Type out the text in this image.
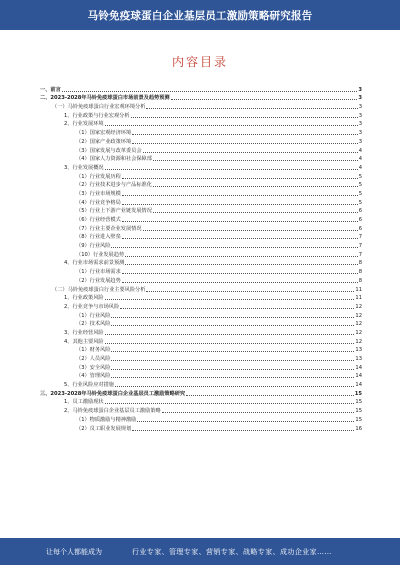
马铃免疫球蛋白企业基层员工激励策略研究报告
内容目录
一、前言	3
二、2023-2028年马铃免疫球蛋白市场前景及趋势预测	3
（一）马铃免疫球蛋白行业宏观环境分析	3
1、行业政策与行业宏观分析	3
2、行业发展环境	3
（1）国家宏观经济环境	3
（2）国家产业政策环境	3
（3）国家发展与改革委员会	4
（4）国家人力资源和社会保障部	4
3、行业发展概况	4
（1）行业发展历程	5
（2）行业技术进步与产品标准化	5
（3）行业市场规模	5
（4）行业竞争格局	5
（5）行业上下游产业链发展情况	6
（6）行业经营模式	6
（7）行业主要企业发展情况	6
（8）行业进入壁垒	7
（9）行业风险	7
（10）行业发展趋势	7
4、行业市场需求前景预测	8
（1）行业市场需求	8
（2）行业发展趋势	8
（二）马铃免疫球蛋白行业主要风险分析	11
1、行业政策风险	11
2、行业竞争与市场风险	12
（1）行业风险	12
（2）技术风险	12
3、行业经营风险	12
4、其他主要风险	12
（1）财务风险	13
（2）人员风险	13
（3）安全风险	14
（4）管理风险	14
5、行业风险应对措施	14
三、2023-2028年马铃免疫球蛋白企业基层员工激励策略研究	15
1、员工激励现状	15
2、马铃免疫球蛋白企业基层员工激励策略	15
（1）物质激励与精神激励	15
（2）员工职业发展规划	16
让每个人都能成为	行业专家、管理专家、营销专家、战略专家、成功企业家……
